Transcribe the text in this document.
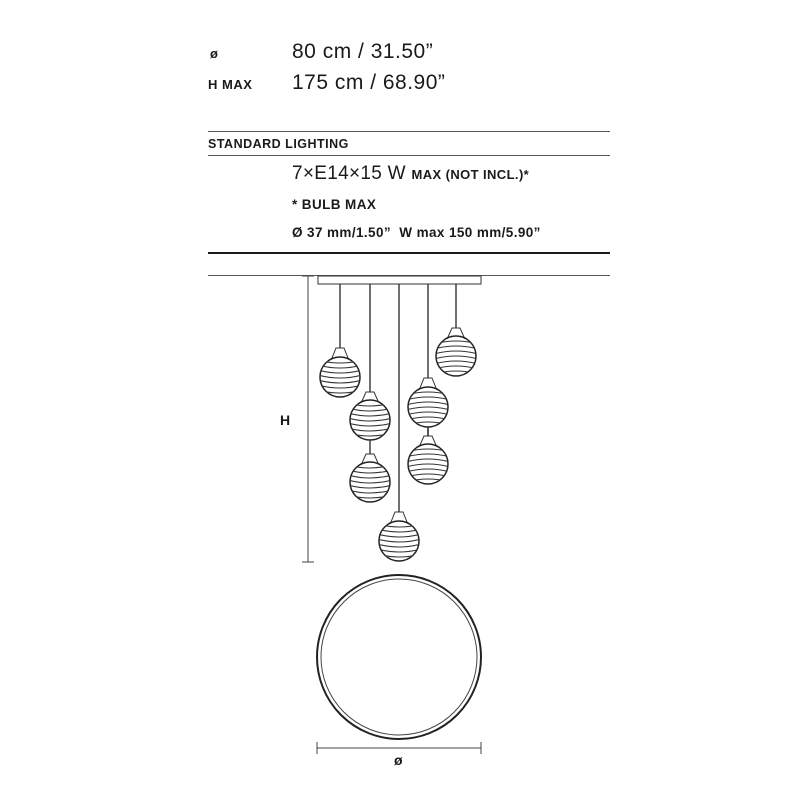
ø	80 cm / 31.50”
H MAX 175 cm / 68.90”
STANDARD LIGHTING
7×E14×15 W MAX (NOT INCL.)*
* BULB MAX
Ø 37 mm/1.50”  W max 150 mm/5.90”
H
ø
